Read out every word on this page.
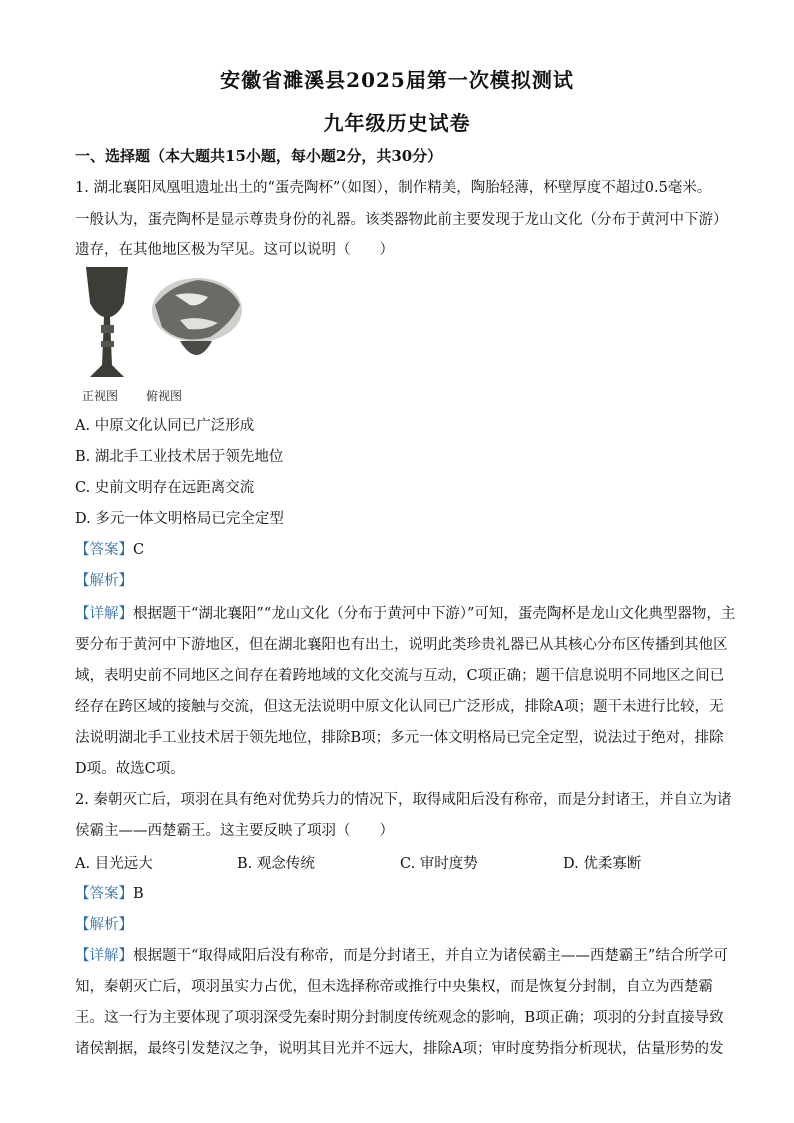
安徽省濉溪县2025届第一次模拟测试
九年级历史试卷
一、选择题（本大题共15小题，每小题2分，共30分）
1. 湖北襄阳凤凰咀遗址出土的“蛋壳陶杯”（如图），制作精美，陶胎轻薄，杯壁厚度不超过0.5毫米。
一般认为，蛋壳陶杯是显示尊贵身份的礼器。该类器物此前主要发现于龙山文化（分布于黄河中下游）
遗存，在其他地区极为罕见。这可以说明（　　）
正视图 俯视图
A. 中原文化认同已广泛形成
B. 湖北手工业技术居于领先地位
C. 史前文明存在远距离交流
D. 多元一体文明格局已完全定型
【答案】C
【解析】
【详解】根据题干“湖北襄阳”“龙山文化（分布于黄河中下游）”可知，蛋壳陶杯是龙山文化典型器物，主
要分布于黄河中下游地区，但在湖北襄阳也有出土，说明此类珍贵礼器已从其核心分布区传播到其他区
域，表明史前不同地区之间存在着跨地域的文化交流与互动，C项正确；题干信息说明不同地区之间已
经存在跨区域的接触与交流，但这无法说明中原文化认同已广泛形成，排除A项；题干未进行比较，无
法说明湖北手工业技术居于领先地位，排除B项；多元一体文明格局已完全定型，说法过于绝对，排除
D项。故选C项。
2. 秦朝灭亡后，项羽在具有绝对优势兵力的情况下，取得咸阳后没有称帝，而是分封诸王，并自立为诸
侯霸主——西楚霸王。这主要反映了项羽（　　）
A. 目光远大	B. 观念传统	C. 审时度势	D. 优柔寡断
【答案】B
【解析】
【详解】根据题干“取得咸阳后没有称帝，而是分封诸王，并自立为诸侯霸主——西楚霸王”结合所学可
知，秦朝灭亡后，项羽虽实力占优，但未选择称帝或推行中央集权，而是恢复分封制，自立为西楚霸
王。这一行为主要体现了项羽深受先秦时期分封制度传统观念的影响，B项正确；项羽的分封直接导致
诸侯割据，最终引发楚汉之争，说明其目光并不远大，排除A项；审时度势指分析现状，估量形势的发
